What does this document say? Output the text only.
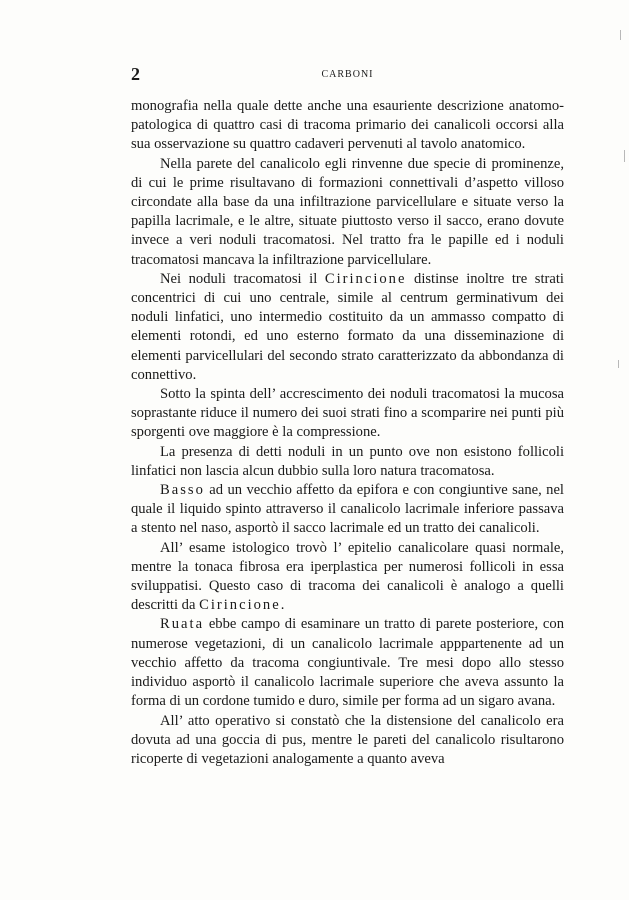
2	CARBONI

monografia nella quale dette anche una esauriente descrizione anatomo-patologica di quattro casi di tracoma primario dei canalicoli occorsi alla sua osservazione su quattro cadaveri pervenuti al tavolo anatomico.

Nella parete del canalicolo egli rinvenne due specie di prominenze, di cui le prime risultavano di formazioni connettivali d’aspetto villoso circondate alla base da una infiltrazione parvicellulare e situate verso la papilla lacrimale, e le altre, situate piuttosto verso il sacco, erano dovute invece a veri noduli tracomatosi. Nel tratto fra le papille ed i noduli tracomatosi mancava la infiltrazione parvicellulare.

Nei noduli tracomatosi il Cirincione distinse inoltre tre strati concentrici di cui uno centrale, simile al centrum germinativum dei noduli linfatici, uno intermedio costituito da un ammasso compatto di elementi rotondi, ed uno esterno formato da una disseminazione di elementi parvicellulari del secondo strato caratterizzato da abbondanza di connettivo.

Sotto la spinta dell’ accrescimento dei noduli tracomatosi la mucosa soprastante riduce il numero dei suoi strati fino a scomparire nei punti più sporgenti ove maggiore è la compressione.

La presenza di detti noduli in un punto ove non esistono follicoli linfatici non lascia alcun dubbio sulla loro natura tracomatosa.

Basso ad un vecchio affetto da epifora e con congiuntive sane, nel quale il liquido spinto attraverso il canalicolo lacrimale inferiore passava a stento nel naso, asportò il sacco lacrimale ed un tratto dei canalicoli.

All’ esame istologico trovò l’ epitelio canalicolare quasi normale, mentre la tonaca fibrosa era iperplastica per numerosi follicoli in essa sviluppatisi. Questo caso di tracoma dei canalicoli è analogo a quelli descritti da Cirincione.

Ruata ebbe campo di esaminare un tratto di parete posteriore, con numerose vegetazioni, di un canalicolo lacrimale apppartenente ad un vecchio affetto da tracoma congiuntivale. Tre mesi dopo allo stesso individuo asportò il canalicolo lacrimale superiore che aveva assunto la forma di un cordone tumido e duro, simile per forma ad un sigaro avana.

All’ atto operativo si constatò che la distensione del canalicolo era dovuta ad una goccia di pus, mentre le pareti del canalicolo risultarono ricoperte di vegetazioni analogamente a quanto aveva
